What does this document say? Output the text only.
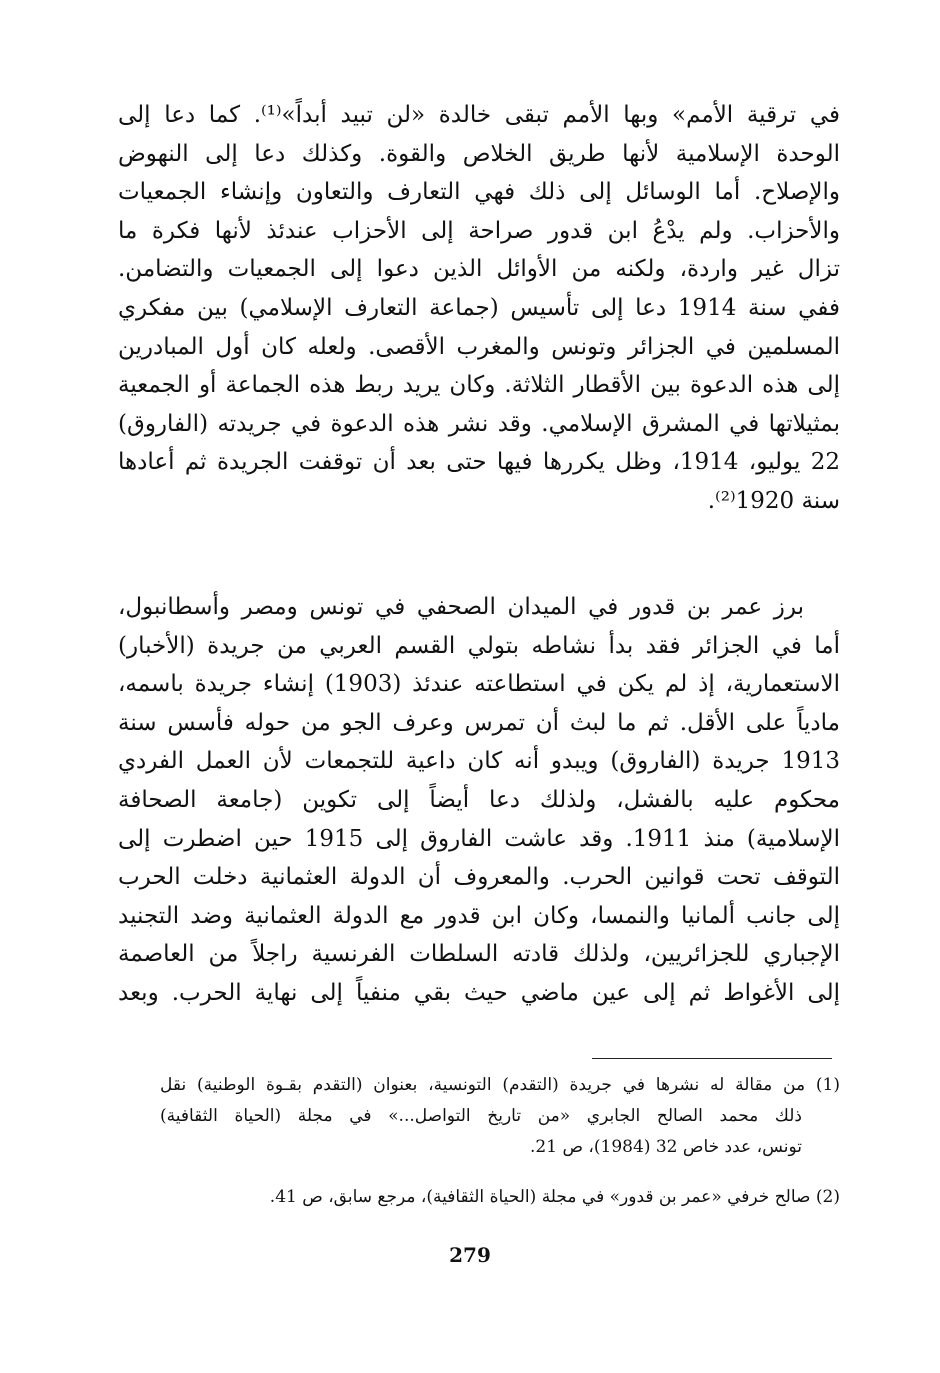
في ترقية الأمم» وبها الأمم تبقى خالدة «لن تبيد أبداً»⁽¹⁾. كما دعا إلى
الوحدة الإسلامية لأنها طريق الخلاص والقوة. وكذلك دعا إلى النهوض
والإصلاح. أما الوسائل إلى ذلك فهي التعارف والتعاون وإنشاء الجمعيات
والأحزاب. ولم يدْعُ ابن قدور صراحة إلى الأحزاب عندئذ لأنها فكرة ما
تزال غير واردة، ولكنه من الأوائل الذين دعوا إلى الجمعيات والتضامن.
ففي سنة 1914 دعا إلى تأسيس (جماعة التعارف الإسلامي) بين مفكري
المسلمين في الجزائر وتونس والمغرب الأقصى. ولعله كان أول المبادرين
إلى هذه الدعوة بين الأقطار الثلاثة. وكان يريد ربط هذه الجماعة أو الجمعية
بمثيلاتها في المشرق الإسلامي. وقد نشر هذه الدعوة في جريدته (الفاروق)
22 يوليو، 1914، وظل يكررها فيها حتى بعد أن توقفت الجريدة ثم أعادها
سنة 1920⁽²⁾.
برز عمر بن قدور في الميدان الصحفي في تونس ومصر وأسطانبول،
أما في الجزائر فقد بدأ نشاطه بتولي القسم العربي من جريدة (الأخبار)
الاستعمارية، إذ لم يكن في استطاعته عندئذ (1903) إنشاء جريدة باسمه،
مادياً على الأقل. ثم ما لبث أن تمرس وعرف الجو من حوله فأسس سنة
1913 جريدة (الفاروق) ويبدو أنه كان داعية للتجمعات لأن العمل الفردي
محكوم عليه بالفشل، ولذلك دعا أيضاً إلى تكوين (جامعة الصحافة
الإسلامية) منذ 1911. وقد عاشت الفاروق إلى 1915 حين اضطرت إلى
التوقف تحت قوانين الحرب. والمعروف أن الدولة العثمانية دخلت الحرب
إلى جانب ألمانيا والنمسا، وكان ابن قدور مع الدولة العثمانية وضد التجنيد
الإجباري للجزائريين، ولذلك قادته السلطات الفرنسية راجلاً من العاصمة
إلى الأغواط ثم إلى عين ماضي حيث بقي منفياً إلى نهاية الحرب. وبعد
(1) من مقالة له نشرها في جريدة (التقدم) التونسية، بعنوان (التقدم بقـوة الوطنية) نقل
ذلك محمد الصالح الجابري «من تاريخ التواصل...» في مجلة (الحياة الثقافية)
تونس، عدد خاص 32 (1984)، ص 21.
(2) صالح خرفي «عمر بن قدور» في مجلة (الحياة الثقافية)، مرجع سابق، ص 41.
279
